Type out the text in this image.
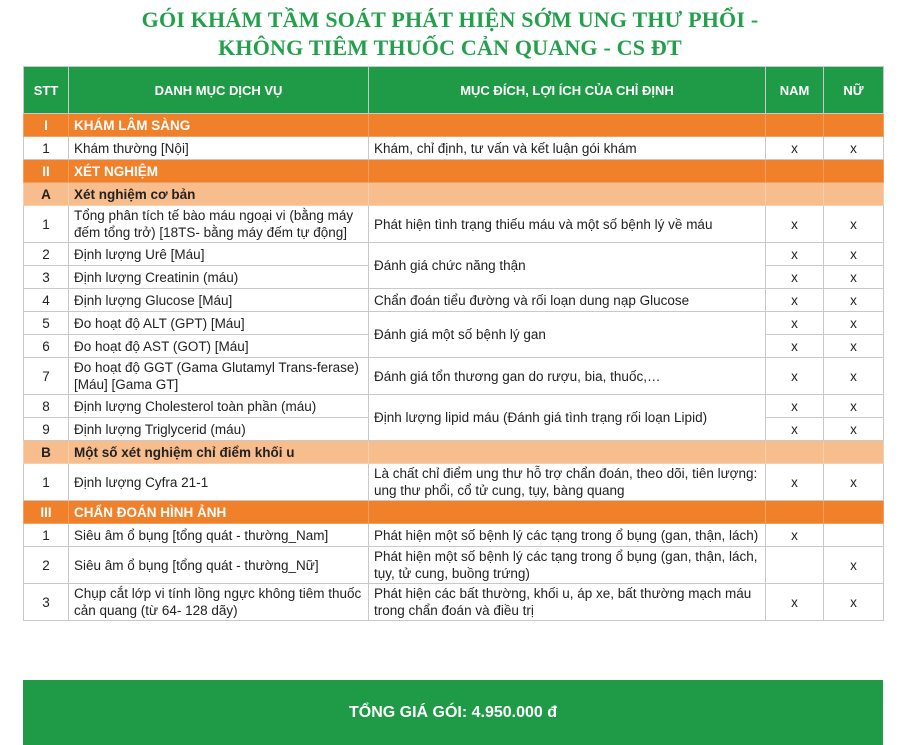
GÓI KHÁM TẦM SOÁT PHÁT HIỆN SỚM UNG THƯ PHỔI -
KHÔNG TIÊM THUỐC CẢN QUANG - CS ĐT
STT	DANH MỤC DỊCH VỤ	MỤC ĐÍCH, LỢI ÍCH CỦA CHỈ ĐỊNH	NAM	NỮ
I	KHÁM LÂM SÀNG			
1	Khám thường [Nội]	Khám, chỉ định, tư vấn và kết luận gói khám	x	x
II	XÉT NGHIỆM			
A	Xét nghiệm cơ bản			
1	Tổng phân tích tế bào máu ngoại vi (bằng máy đếm tổng trở) [18TS- bằng máy đếm tự động]	Phát hiện tình trạng thiếu máu và một số bệnh lý về máu	x	x
2	Định lượng Urê [Máu]	Đánh giá chức năng thận	x	x
3	Định lượng Creatinin (máu)		x	x
4	Định lượng Glucose [Máu]	Chẩn đoán tiểu đường và rối loạn dung nạp Glucose	x	x
5	Đo hoạt độ ALT (GPT) [Máu]	Đánh giá một số bệnh lý gan	x	x
6	Đo hoạt độ AST (GOT) [Máu]		x	x
7	Đo hoạt độ GGT (Gama Glutamyl Trans-ferase) [Máu] [Gama GT]	Đánh giá tổn thương gan do rượu, bia, thuốc,…	x	x
8	Định lượng Cholesterol toàn phần (máu)	Định lượng lipid máu (Đánh giá tình trạng rối loạn Lipid)	x	x
9	Định lượng Triglycerid (máu)		x	x
B	Một số xét nghiệm chỉ điểm khối u			
1	Định lượng Cyfra 21-1	Là chất chỉ điểm ung thư hỗ trợ chẩn đoán, theo dõi, tiên lượng: ung thư phổi, cổ tử cung, tụy, bàng quang	x	x
III	CHẨN ĐOÁN HÌNH ẢNH			
1	Siêu âm ổ bụng [tổng quát - thường_Nam]	Phát hiện một số bệnh lý các tạng trong ổ bụng (gan, thận, lách)	x	
2	Siêu âm ổ bụng [tổng quát - thường_Nữ]	Phát hiện một số bệnh lý các tạng trong ổ bụng (gan, thận, lách, tụy, tử cung, buồng trứng)		x
3	Chụp cắt lớp vi tính lồng ngực không tiêm thuốc cản quang (từ 64- 128 dãy)	Phát hiện các bất thường, khối u, áp xe, bất thường mạch máu trong chẩn đoán và điều trị	x	x
TỔNG GIÁ GÓI: 4.950.000 đ
